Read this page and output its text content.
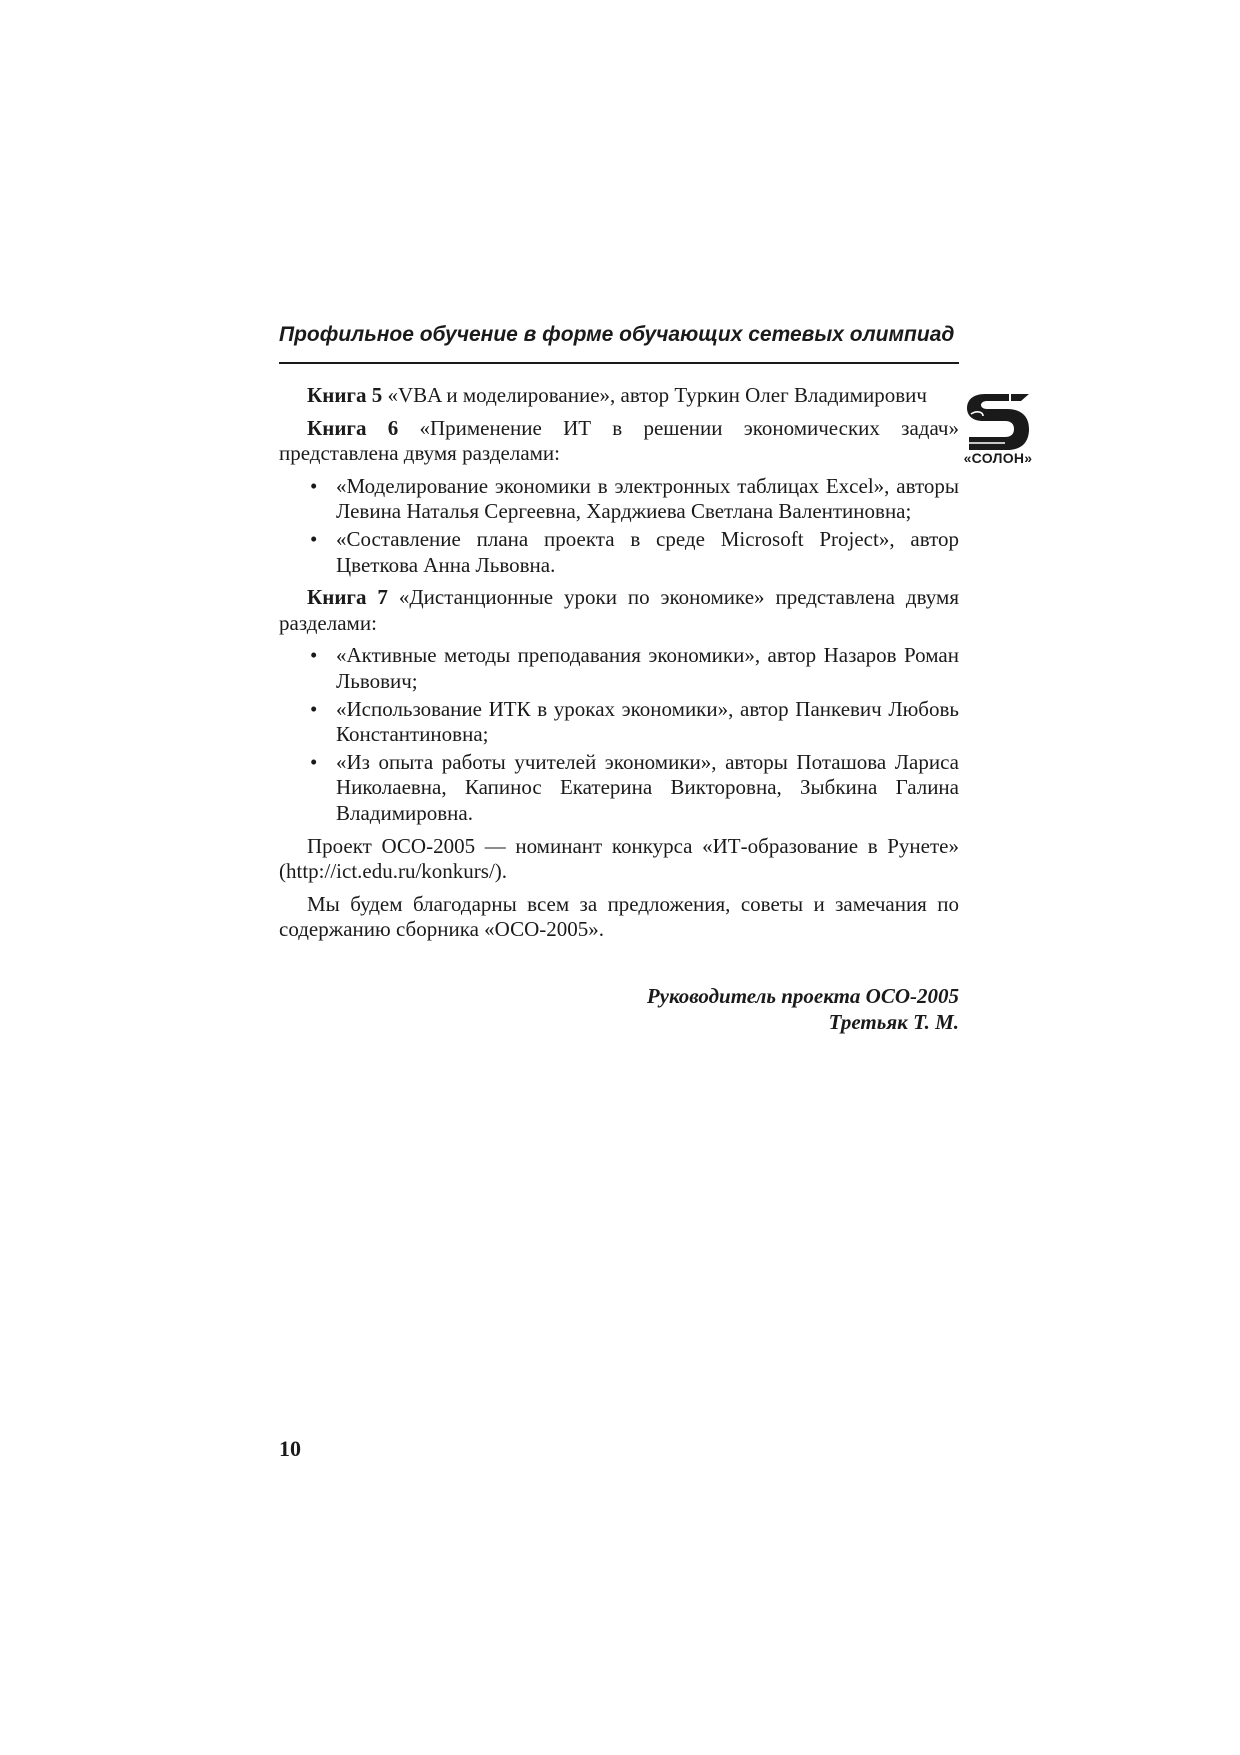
Профильное обучение в форме обучающих сетевых олимпиад
«СОЛОН»

Книга 5 «VBA и моделирование», автор Туркин Олег Владимирович

Книга 6 «Применение ИТ в решении экономических задач» представлена двумя разделами:

• «Моделирование экономики в электронных таблицах Excel», авторы Левина Наталья Сергеевна, Харджиева Светлана Валентиновна;
• «Составление плана проекта в среде Microsoft Project», автор Цветкова Анна Львовна.

Книга 7 «Дистанционные уроки по экономике» представлена двумя разделами:

• «Активные методы преподавания экономики», автор Назаров Роман Львович;
• «Использование ИТК в уроках экономики», автор Панкевич Любовь Константиновна;
• «Из опыта работы учителей экономики», авторы Поташова Лариса Николаевна, Капинос Екатерина Викторовна, Зыбкина Галина Владимировна.

Проект ОСО-2005 — номинант конкурса «ИТ-образование в Рунете» (http://ict.edu.ru/konkurs/).

Мы будем благодарны всем за предложения, советы и замечания по содержанию сборника «ОСО-2005».

Руководитель проекта ОСО-2005
Третьяк Т. М.
10
